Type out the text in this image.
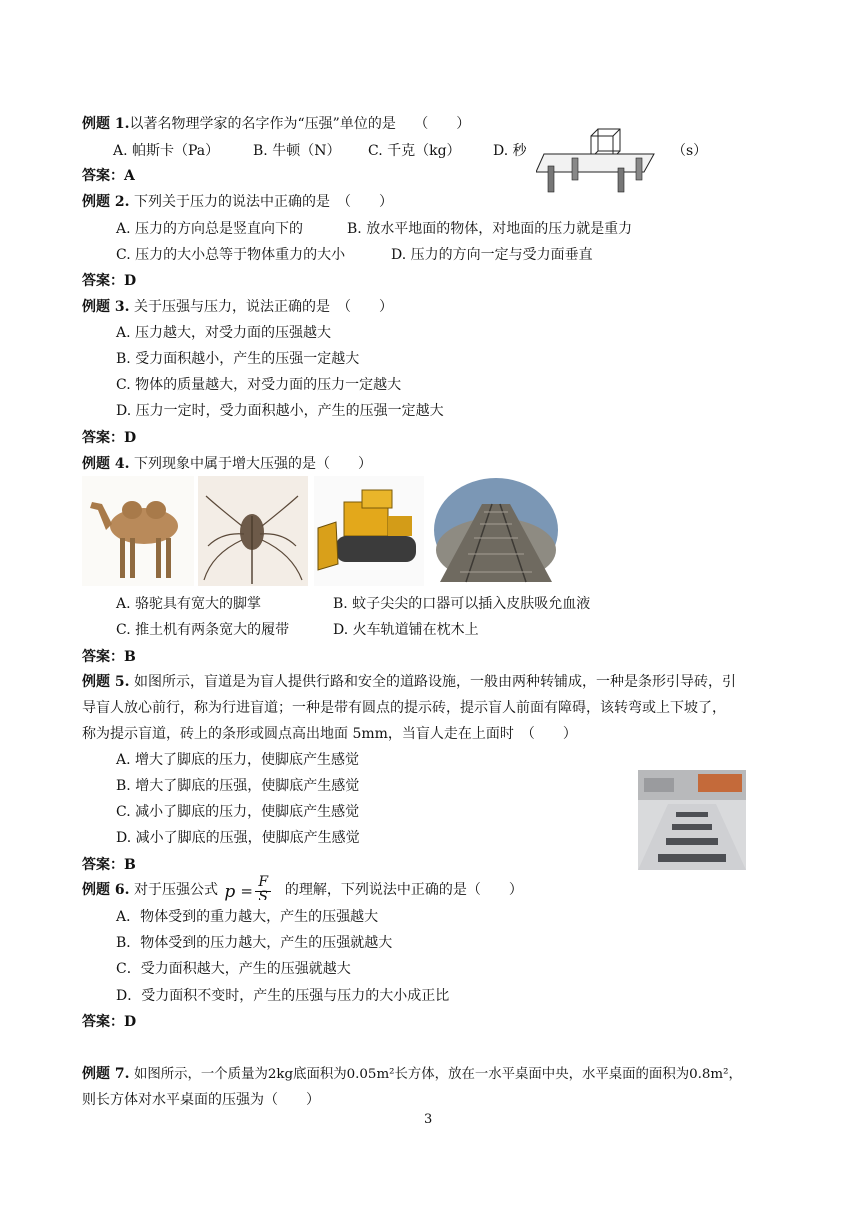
例题 1.以著名物理学家的名字作为“压强”单位的是 （　　）
A. 帕斯卡（Pa） B. 牛顿（N） C. 千克（kg） D. 秒	（s）
答案：A
例题 2. 下列关于压力的说法中正确的是　（　　）
A. 压力的方向总是竖直向下的	B. 放水平地面的物体，对地面的压力就是重力
C. 压力的大小总等于物体重力的大小	D. 压力的方向一定与受力面垂直
答案：D
例题 3. 关于压强与压力，说法正确的是　（　　）
A. 压力越大，对受力面的压强越大
B. 受力面积越小，产生的压强一定越大
C. 物体的质量越大，对受力面的压力一定越大
D. 压力一定时，受力面积越小，产生的压强一定越大
答案：D
例题 4. 下列现象中属于增大压强的是（　　）
A. 骆驼具有宽大的脚掌	B. 蚊子尖尖的口器可以插入皮肤吸允血液
C. 推土机有两条宽大的履带	D. 火车轨道铺在枕木上
答案：B
例题 5. 如图所示，盲道是为盲人提供行路和安全的道路设施，一般由两种转铺成，一种是条形引导砖，引
导盲人放心前行，称为行进盲道；一种是带有圆点的提示砖，提示盲人前面有障碍，该转弯或上下坡了，
称为提示盲道，砖上的条形或圆点高出地面 5mm，当盲人走在上面时　（　　）
A. 增大了脚底的压力，使脚底产生感觉
B. 增大了脚底的压强，使脚底产生感觉
C. 减小了脚底的压力，使脚底产生感觉
D. 减小了脚底的压强，使脚底产生感觉
答案：B
例题 6. 对于压强公式 p = F
S 的理解，下列说法中正确的是（　　）
A．物体受到的重力越大，产生的压强越大
B．物体受到的压力越大，产生的压强就越大
C．受力面积越大，产生的压强就越大
D．受力面积不变时，产生的压强与压力的大小成正比
答案：D
例题 7. 如图所示，一个质量为2kg底面积为0.05m²长方体，放在一水平桌面中央，水平桌面的面积为0.8m²，
则长方体对水平桌面的压强为（　　）
3
